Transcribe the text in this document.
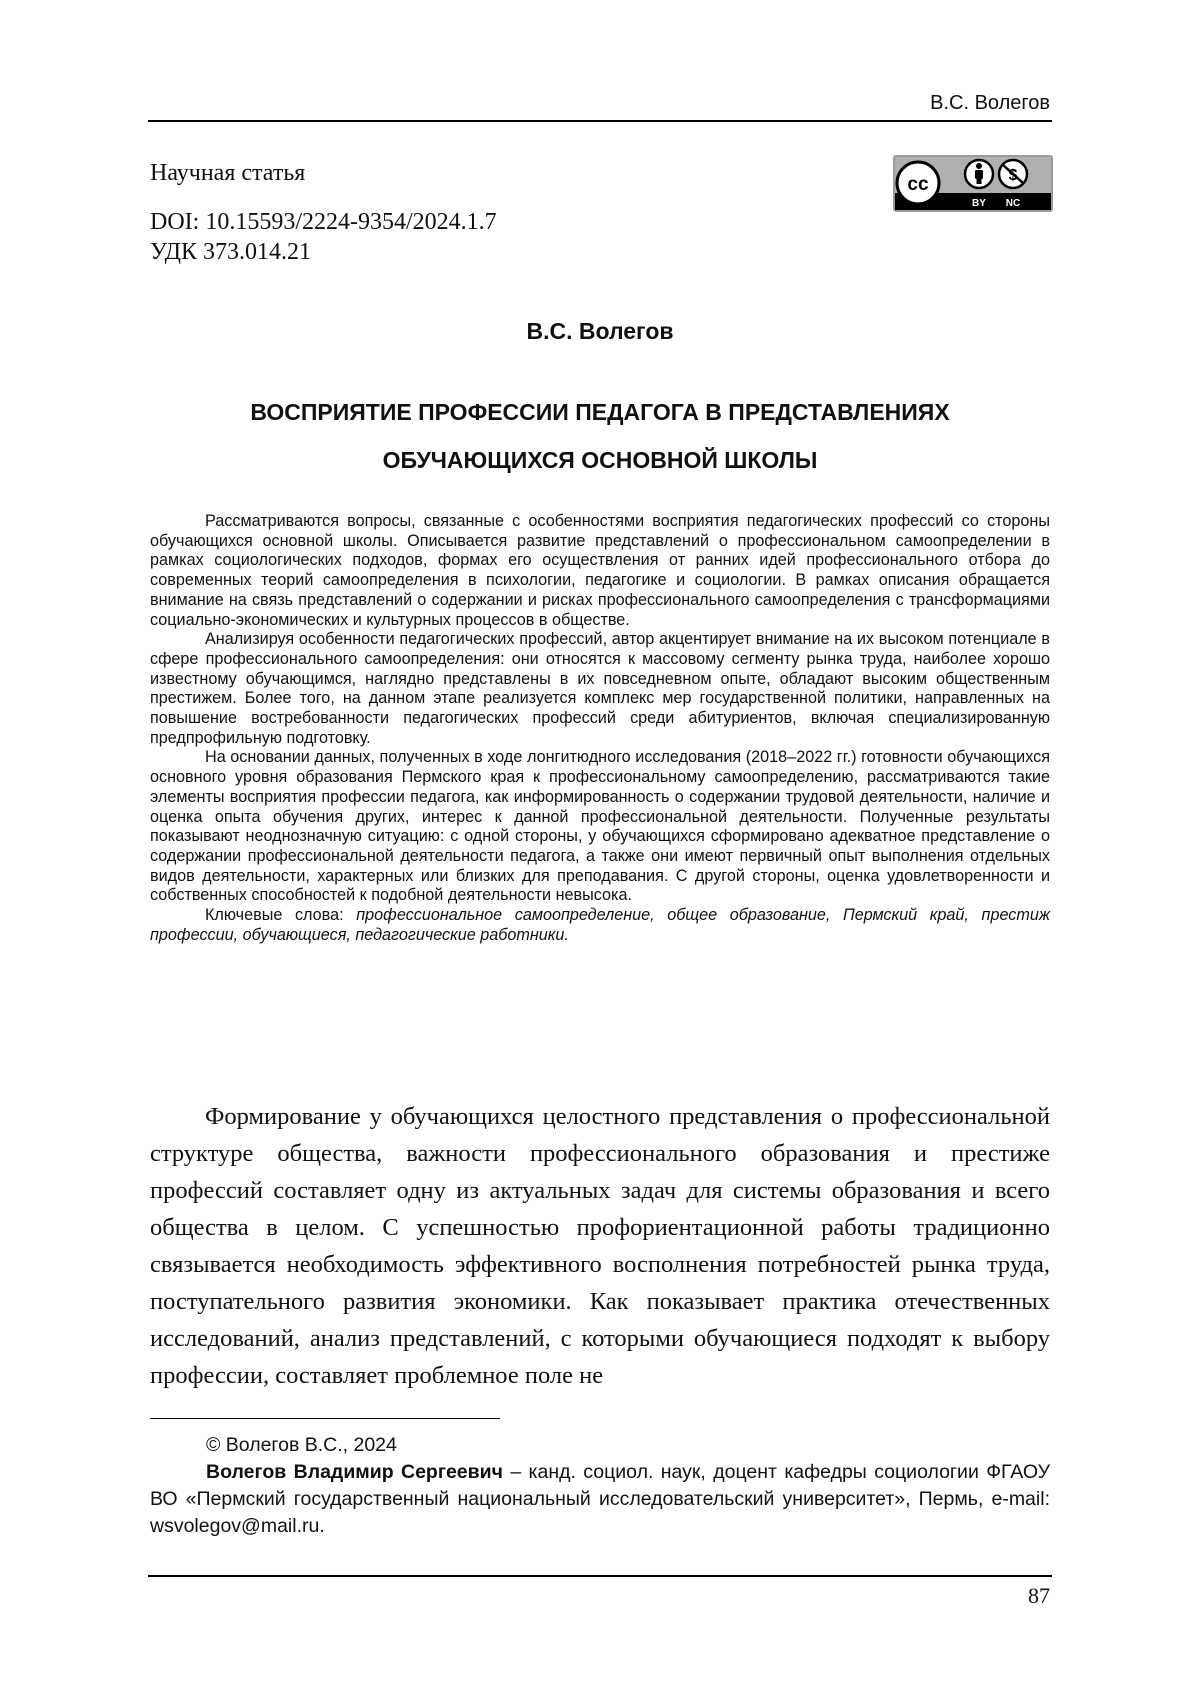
В.С. Волегов
Научная статья
DOI: 10.15593/2224-9354/2024.1.7
УДК 373.014.21
cc
BY NC
В.С. Волегов
ВОСПРИЯТИЕ ПРОФЕССИИ ПЕДАГОГА В ПРЕДСТАВЛЕНИЯХ
ОБУЧАЮЩИХСЯ ОСНОВНОЙ ШКОЛЫ

Рассматриваются вопросы, связанные с особенностями восприятия педагогических профессий со стороны обучающихся основной школы. Описывается развитие представлений о профессиональном самоопределении в рамках социологических подходов, формах его осуществления от ранних идей профессионального отбора до современных теорий самоопределения в психологии, педагогике и социологии. В рамках описания обращается внимание на связь представлений о содержании и рисках профессионального самоопределения с трансформациями социально-экономических и культурных процессов в обществе.

Анализируя особенности педагогических профессий, автор акцентирует внимание на их высоком потенциале в сфере профессионального самоопределения: они относятся к массовому сегменту рынка труда, наиболее хорошо известному обучающимся, наглядно представлены в их повседневном опыте, обладают высоким общественным престижем. Более того, на данном этапе реализуется комплекс мер государственной политики, направленных на повышение востребованности педагогических профессий среди абитуриентов, включая специализированную предпрофильную подготовку.

На основании данных, полученных в ходе лонгитюдного исследования (2018–2022 гг.) готовности обучающихся основного уровня образования Пермского края к профессиональному самоопределению, рассматриваются такие элементы восприятия профессии педагога, как информированность о содержании трудовой деятельности, наличие и оценка опыта обучения других, интерес к данной профессиональной деятельности. Полученные результаты показывают неоднозначную ситуацию: с одной стороны, у обучающихся сформировано адекватное представление о содержании профессиональной деятельности педагога, а также они имеют первичный опыт выполнения отдельных видов деятельности, характерных или близких для преподавания. С другой стороны, оценка удовлетворенности и собственных способностей к подобной деятельности невысока.

Ключевые слова: профессиональное самоопределение, общее образование, Пермский край, престиж профессии, обучающиеся, педагогические работники.

Формирование у обучающихся целостного представления о профессиональной структуре общества, важности профессионального образования и престиже профессий составляет одну из актуальных задач для системы образования и всего общества в целом. С успешностью профориентационной работы традиционно связывается необходимость эффективного восполнения потребностей рынка труда, поступательного развития экономики. Как показывает практика отечественных исследований, анализ представлений, с которыми обучающиеся подходят к выбору профессии, составляет проблемное поле не

© Волегов В.С., 2024

Волегов Владимир Сергеевич – канд. социол. наук, доцент кафедры социологии ФГАОУ ВО «Пермский государственный национальный исследовательский университет», Пермь, e-mail: wsvolegov@mail.ru.

87
